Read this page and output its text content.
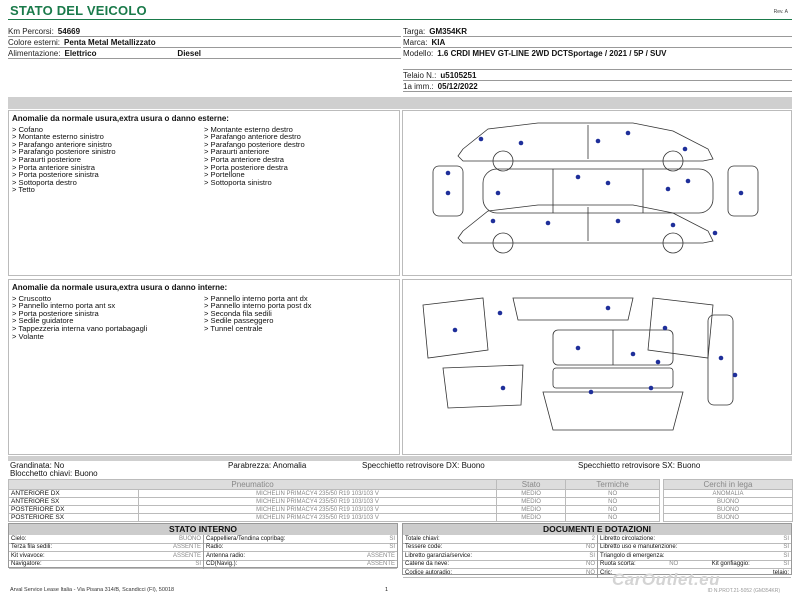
STATO DEL VEICOLO	Rev. A
Km Percorsi: 54669
Colore esterni: Penta Metal Metallizzato
Alimentazione: Elettrico	Diesel
Targa: GM354KR
Marca: KIA
Modello: 1.6 CRDI MHEV GT-LINE 2WD DCTSportage / 2021 / 5P / SUV
Telaio N.: u5105251
1a imm.: 05/12/2022
Anomalie da normale usura,extra usura o danno esterne:
> Cofano
> Montante esterno sinistro
> Parafango anteriore sinistro
> Parafango posteriore sinistro
> Paraurti posteriore
> Porta anteriore sinistra
> Porta posteriore sinistra
> Sottoporta destro
> Tetto
> Montante esterno destro
> Parafango anteriore destro
> Parafango posteriore destro
> Paraurti anteriore
> Porta anteriore destra
> Porta posteriore destra
> Portellone
> Sottoporta sinistro
Anomalie da normale usura,extra usura o danno interne:
> Cruscotto
> Pannello interno porta ant sx
> Porta posteriore sinistra
> Sedile guidatore
> Tappezzeria interna vano portabagagli
> Volante
> Pannello interno porta ant dx
> Pannello interno porta post dx
> Seconda fila sedili
> Sedile passeggero
> Tunnel centrale
Grandinata: No	Parabrezza: Anomalia	Specchietto retrovisore DX: Buono	Specchietto retrovisore SX: Buono
Blocchetto chiavi: Buono
Pneumatico		Stato	Termiche
ANTERIORE DX	MICHELIN PRIMACY4 235/50 R19 103/103 V	MEDIO	NO
ANTERIORE SX	MICHELIN PRIMACY4 235/50 R19 103/103 V	MEDIO	NO
POSTERIORE DX	MICHELIN PRIMACY4 235/50 R19 103/103 V	MEDIO	NO
POSTERIORE SX	MICHELIN PRIMACY4 235/50 R19 103/103 V	MEDIO	NO
Cerchi in lega
ANOMALIA
BUONO
BUONO
BUONO
STATO INTERNO
Cielo:	BUONO
Terza fila sedili:	ASSENTE
Kit vivavoce:	ASSENTE
Navigatore:	SI
Cappelliera/Tendina copribag:	SI
Radio:	SI
Antenna radio:	ASSENTE
CD(Navig.):	ASSENTE
DOCUMENTI E DOTAZIONI
Totale chiavi:	2
Tessere code:	NO
Libretto garanzia/service:	SI
Catene da neve:	NO
Codice autoradio:	NO
Libretto circolazione:	SI
Libretto uso e manutenzione:	SI
Triangolo di emergenza:	SI
Ruota scorta:	NO	Kit gonfiaggio:	SI
Cric:	telaio:
Arval Service Lease Italia - Via Pisana 314/B, Scandicci (FI), 50018	1
CarOutlet.eu
ID N.PROT.21-5052 (GM354KR)
